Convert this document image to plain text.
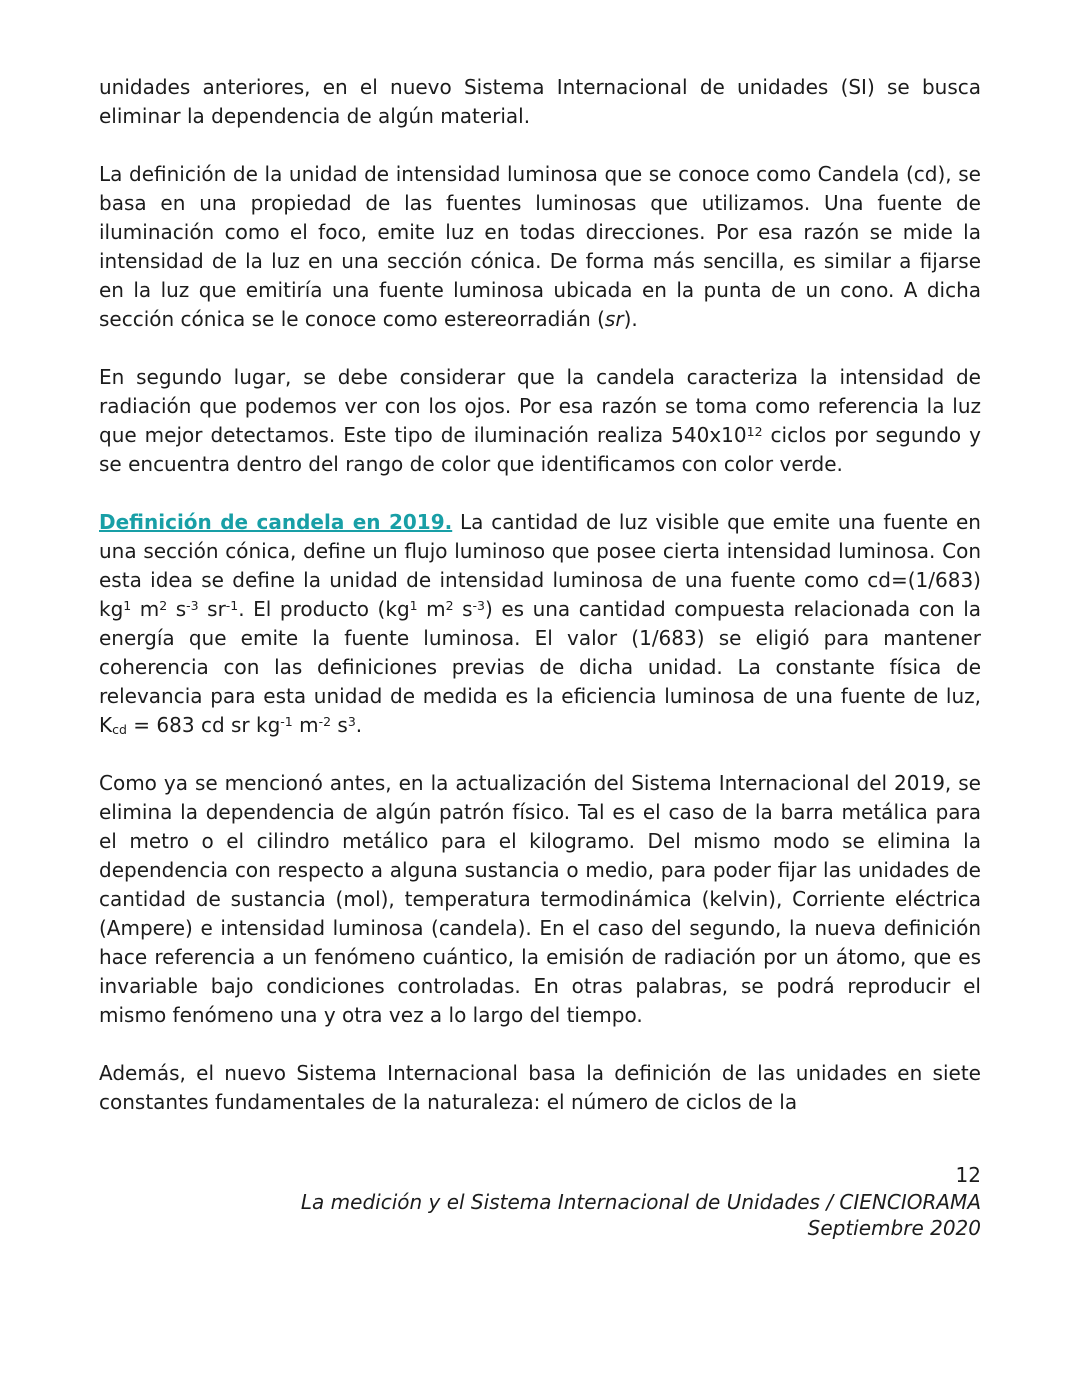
unidades anteriores, en el nuevo Sistema Internacional de unidades (SI) se busca eliminar la dependencia de algún material.

La definición de la unidad de intensidad luminosa que se conoce como Candela (cd), se basa en una propiedad de las fuentes luminosas que utilizamos. Una fuente de iluminación como el foco, emite luz en todas direcciones. Por esa razón se mide la intensidad de la luz en una sección cónica. De forma más sencilla, es similar a fijarse en la luz que emitiría una fuente luminosa ubicada en la punta de un cono. A dicha sección cónica se le conoce como estereorradián (sr).

En segundo lugar, se debe considerar que la candela caracteriza la intensidad de radiación que podemos ver con los ojos. Por esa razón se toma como referencia la luz que mejor detectamos. Este tipo de iluminación realiza $540x10^{12}$ ciclos por segundo y se encuentra dentro del rango de color que identificamos con color verde.

Definición de candela en 2019. La cantidad de luz visible que emite una fuente en una sección cónica, define un flujo luminoso que posee cierta intensidad luminosa. Con esta idea se define la unidad de intensidad luminosa de una fuente como cd=(1/683) $kg^1$ $m^2$ $s^{-3}$ $sr^{-1}$. El producto ($kg^1$ $m^2$ $s^{-3}$) es una cantidad compuesta relacionada con la energía que emite la fuente luminosa. El valor (1/683) se eligió para mantener coherencia con las definiciones previas de dicha unidad. La constante física de relevancia para esta unidad de medida es la eficiencia luminosa de una fuente de luz, $K_{cd} = 683$ cd sr $kg^{-1}$ $m^{-2}$ $s^3$.

Como ya se mencionó antes, en la actualización del Sistema Internacional del 2019, se elimina la dependencia de algún patrón físico. Tal es el caso de la barra metálica para el metro o el cilindro metálico para el kilogramo. Del mismo modo se elimina la dependencia con respecto a alguna sustancia o medio, para poder fijar las unidades de cantidad de sustancia (mol), temperatura termodinámica (kelvin), Corriente eléctrica (Ampere) e intensidad luminosa (candela). En el caso del segundo, la nueva definición hace referencia a un fenómeno cuántico, la emisión de radiación por un átomo, que es invariable bajo condiciones controladas. En otras palabras, se podrá reproducir el mismo fenómeno una y otra vez a lo largo del tiempo.

Además, el nuevo Sistema Internacional basa la definición de las unidades en siete constantes fundamentales de la naturaleza: el número de ciclos de la

12
La medición y el Sistema Internacional de Unidades / CIENCIORAMA
Septiembre 2020
